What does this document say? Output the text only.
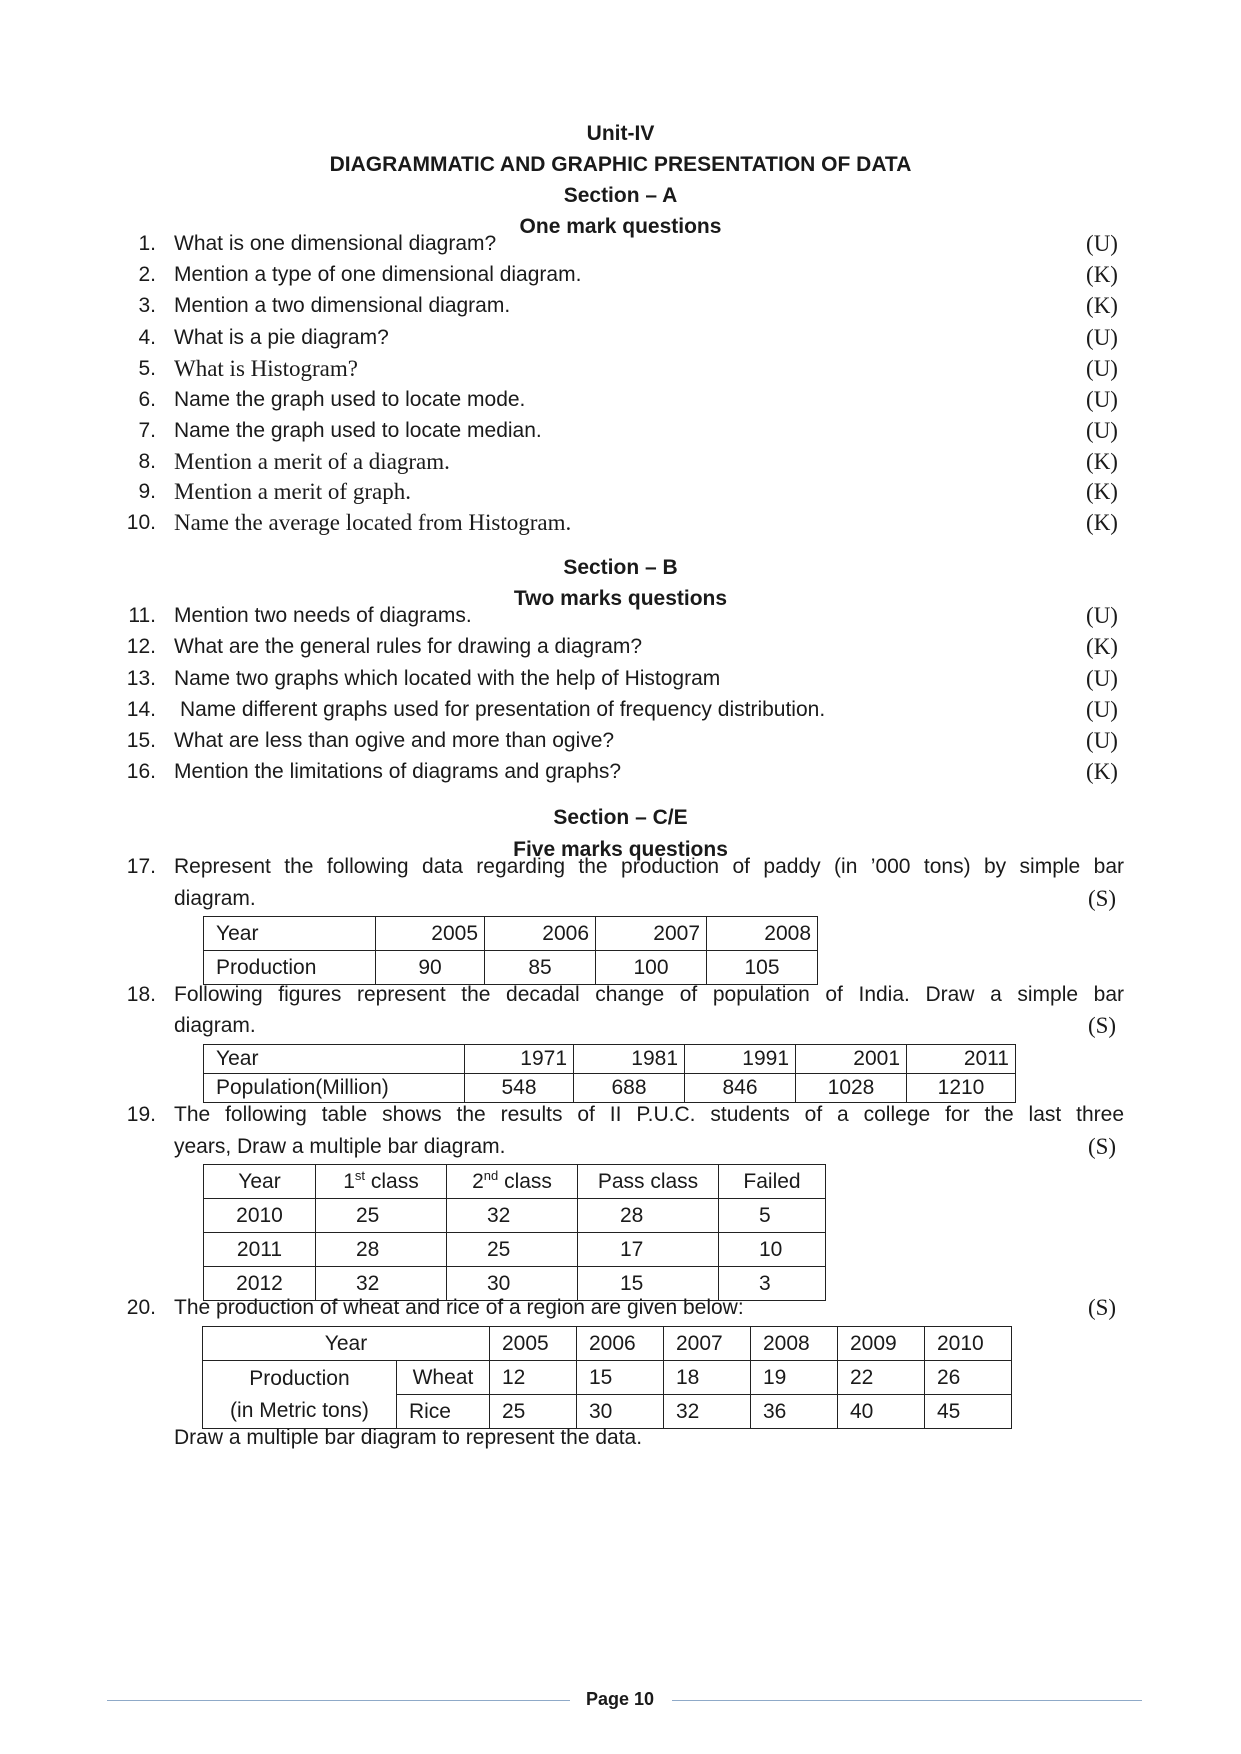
Unit-IV
DIAGRAMMATIC AND GRAPHIC PRESENTATION OF DATA
Section – A
One mark questions
1. What is one dimensional diagram?	(U)
2. Mention a type of one dimensional diagram.	(K)
3. Mention a two dimensional diagram.	(K)
4. What is a pie diagram?	(U)
5. What is Histogram?	(U)
6. Name the graph used to locate mode.	(U)
7. Name the graph used to locate median.	(U)
8. Mention a merit of a diagram.	(K)
9. Mention a merit of graph.	(K)
10. Name the average located from Histogram.	(K)
Section – B
Two marks questions
11. Mention two needs of diagrams.	(U)
12. What are the general rules for drawing a diagram?	(K)
13. Name two graphs which located with the help of Histogram	(U)
14. Name different graphs used for presentation of frequency distribution.	(U)
15. What are less than ogive and more than ogive?	(U)
16. Mention the limitations of diagrams and graphs?	(K)
Section – C/E
Five marks questions
17. Represent the following data regarding the production of paddy (in ’000 tons) by simple bar
diagram.	(S)
Year	2005	2006	2007	2008
Production	90	85	100	105
18. Following figures represent the decadal change of population of India. Draw a simple bar
diagram.	(S)
Year	1971	1981	1991	2001	2011
Population(Million)	548	688	846	1028	1210
19. The following table shows the results of II P.U.C. students of a college for the last three
years, Draw a multiple bar diagram.	(S)
Year	1st class	2nd class	Pass class	Failed
2010	25	32	28	5
2011	28	25	17	10
2012	32	30	15	3
20. The production of wheat and rice of a region are given below:	(S)
Year		2005	2006	2007	2008	2009	2010

Production
(in Metric tons)	Wheat	12	15	18	19	22	26
	Rice	25	30	32	36	40	45
Draw a multiple bar diagram to represent the data.
Page 10
